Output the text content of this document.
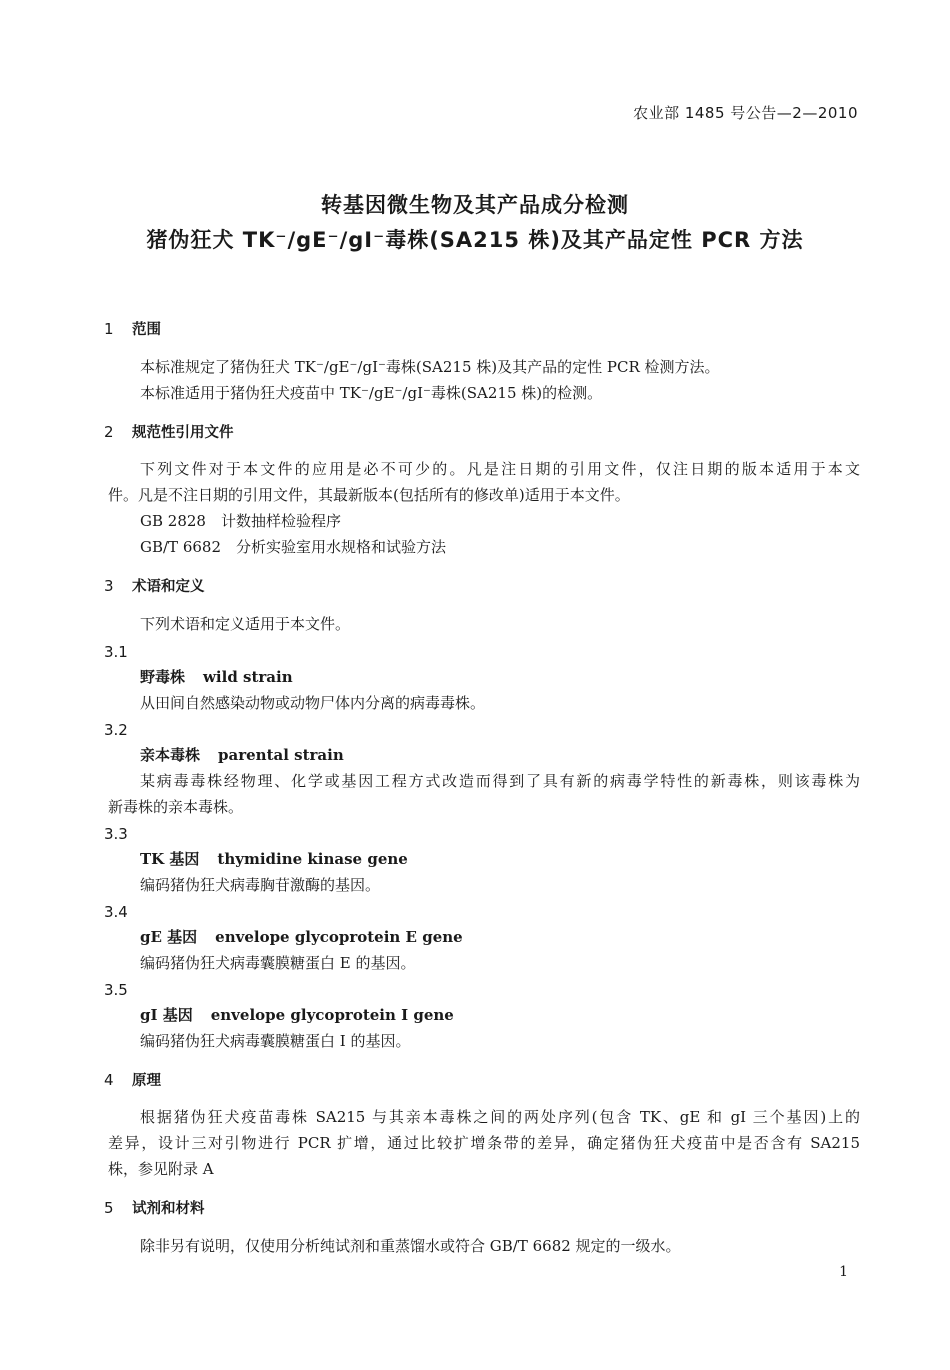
农业部 1485 号公告—2—2010
转基因微生物及其产品成分检测
猪伪狂犬 TK⁻/gE⁻/gI⁻毒株(SA215 株)及其产品定性 PCR 方法
1 范围
本标准规定了猪伪狂犬 TK⁻/gE⁻/gI⁻毒株(SA215 株)及其产品的定性 PCR 检测方法。
本标准适用于猪伪狂犬疫苗中 TK⁻/gE⁻/gI⁻毒株(SA215 株)的检测。
2 规范性引用文件
下列文件对于本文件的应用是必不可少的。凡是注日期的引用文件，仅注日期的版本适用于本文
件。凡是不注日期的引用文件，其最新版本(包括所有的修改单)适用于本文件。
GB 2828　计数抽样检验程序
GB/T 6682　分析实验室用水规格和试验方法
3 术语和定义
下列术语和定义适用于本文件。
3.1
野毒株 wild strain
从田间自然感染动物或动物尸体内分离的病毒毒株。
3.2
亲本毒株 parental strain
某病毒毒株经物理、化学或基因工程方式改造而得到了具有新的病毒学特性的新毒株，则该毒株为
新毒株的亲本毒株。
3.3
TK 基因 thymidine kinase gene
编码猪伪狂犬病毒胸苷激酶的基因。
3.4
gE 基因 envelope glycoprotein E gene
编码猪伪狂犬病毒囊膜糖蛋白 E 的基因。
3.5
gI 基因 envelope glycoprotein I gene
编码猪伪狂犬病毒囊膜糖蛋白 I 的基因。
4 原理
根据猪伪狂犬疫苗毒株 SA215 与其亲本毒株之间的两处序列(包含 TK、gE 和 gI 三个基因)上的
差异，设计三对引物进行 PCR 扩增，通过比较扩增条带的差异，确定猪伪狂犬疫苗中是否含有 SA215
株，参见附录 A
5 试剂和材料
除非另有说明，仅使用分析纯试剂和重蒸馏水或符合 GB/T 6682 规定的一级水。
1
